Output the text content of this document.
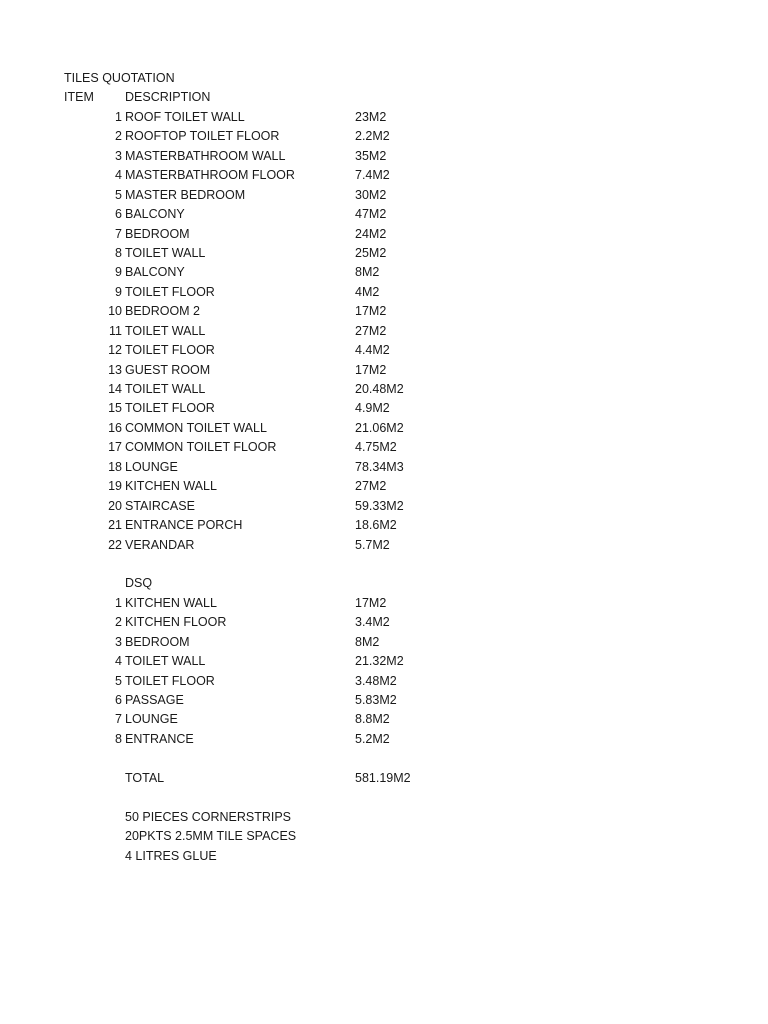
TILES QUOTATION
ITEM DESCRIPTION
1 ROOF TOILET WALL	23M2
2 ROOFTOP TOILET FLOOR	2.2M2
3 MASTERBATHROOM WALL	35M2
4 MASTERBATHROOM FLOOR	7.4M2
5 MASTER BEDROOM	30M2
6 BALCONY	47M2
7 BEDROOM	24M2
8 TOILET WALL	25M2
9 BALCONY	8M2
9 TOILET FLOOR	4M2
10 BEDROOM 2	17M2
11 TOILET WALL	27M2
12 TOILET FLOOR	4.4M2
13 GUEST ROOM	17M2
14 TOILET WALL	20.48M2
15 TOILET FLOOR	4.9M2
16 COMMON TOILET WALL	21.06M2
17 COMMON TOILET FLOOR	4.75M2
18 LOUNGE	78.34M3
19 KITCHEN WALL	27M2
20 STAIRCASE	59.33M2
21 ENTRANCE PORCH	18.6M2
22 VERANDAR	5.7M2
DSQ
1 KITCHEN WALL	17M2
2 KITCHEN FLOOR	3.4M2
3 BEDROOM	8M2
4 TOILET WALL	21.32M2
5 TOILET FLOOR	3.48M2
6 PASSAGE	5.83M2
7 LOUNGE	8.8M2
8 ENTRANCE	5.2M2
TOTAL	581.19M2
50 PIECES CORNERSTRIPS
20PKTS 2.5MM TILE SPACES
4 LITRES GLUE
